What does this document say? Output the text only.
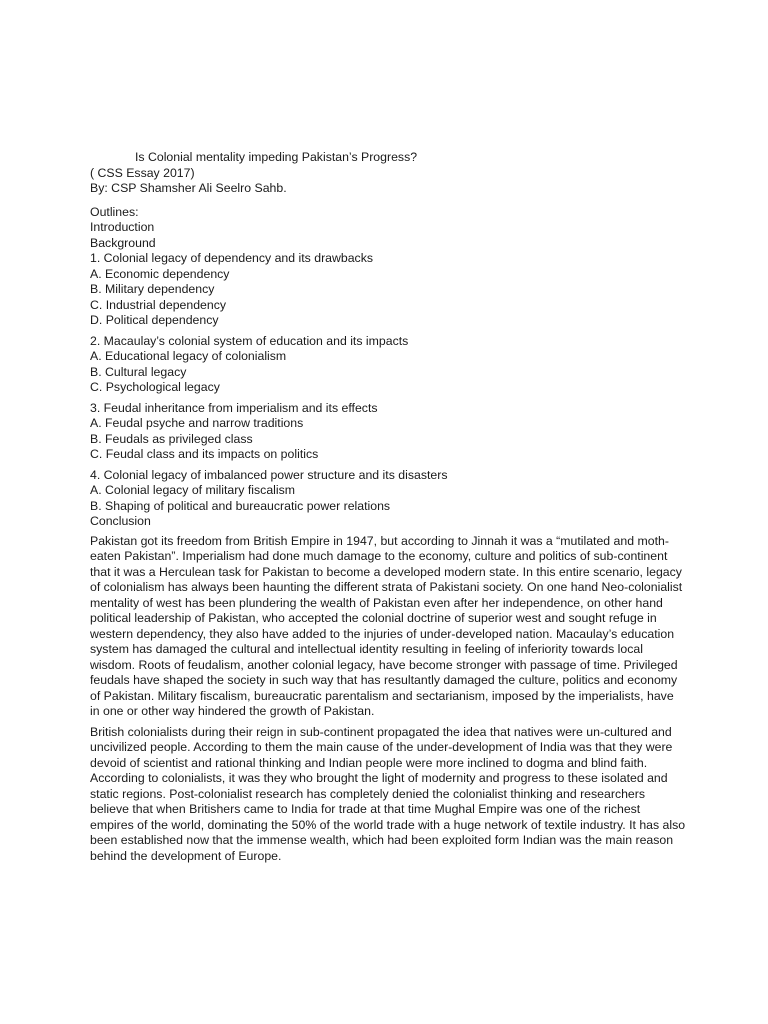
Is Colonial mentality impeding Pakistan’s Progress?

( CSS Essay 2017)

By: CSP Shamsher Ali Seelro Sahb.

Outlines:

Introduction

Background

1. Colonial legacy of dependency and its drawbacks

A. Economic dependency
B. Military dependency
C. Industrial dependency
D. Political dependency

2. Macaulay’s colonial system of education and its impacts

A. Educational legacy of colonialism
B. Cultural legacy
C. Psychological legacy

3. Feudal inheritance from imperialism and its effects

A. Feudal psyche and narrow traditions
B. Feudals as privileged class
C. Feudal class and its impacts on politics

4. Colonial legacy of imbalanced power structure and its disasters

A. Colonial legacy of military fiscalism
B. Shaping of political and bureaucratic power relations

Conclusion

Pakistan got its freedom from British Empire in 1947, but according to Jinnah it was a “mutilated and moth-eaten Pakistan”. Imperialism had done much damage to the economy, culture and politics of sub-continent that it was a Herculean task for Pakistan to become a developed modern state. In this entire scenario, legacy of colonialism has always been haunting the different strata of Pakistani society. On one hand Neo-colonialist mentality of west has been plundering the wealth of Pakistan even after her independence, on other hand political leadership of Pakistan, who accepted the colonial doctrine of superior west and sought refuge in western dependency, they also have added to the injuries of under-developed nation. Macaulay’s education system has damaged the cultural and intellectual identity resulting in feeling of inferiority towards local wisdom. Roots of feudalism, another colonial legacy, have become stronger with passage of time. Privileged feudals have shaped the society in such way that has resultantly damaged the culture, politics and economy of Pakistan. Military fiscalism, bureaucratic parentalism and sectarianism, imposed by the imperialists, have in one or other way hindered the growth of Pakistan.

British colonialists during their reign in sub-continent propagated the idea that natives were un-cultured and uncivilized people. According to them the main cause of the under-development of India was that they were devoid of scientist and rational thinking and Indian people were more inclined to dogma and blind faith. According to colonialists, it was they who brought the light of modernity and progress to these isolated and static regions. Post-colonialist research has completely denied the colonialist thinking and researchers believe that when Britishers came to India for trade at that time Mughal Empire was one of the richest empires of the world, dominating the 50% of the world trade with a huge network of textile industry. It has also been established now that the immense wealth, which had been exploited form Indian was the main reason behind the development of Europe.
